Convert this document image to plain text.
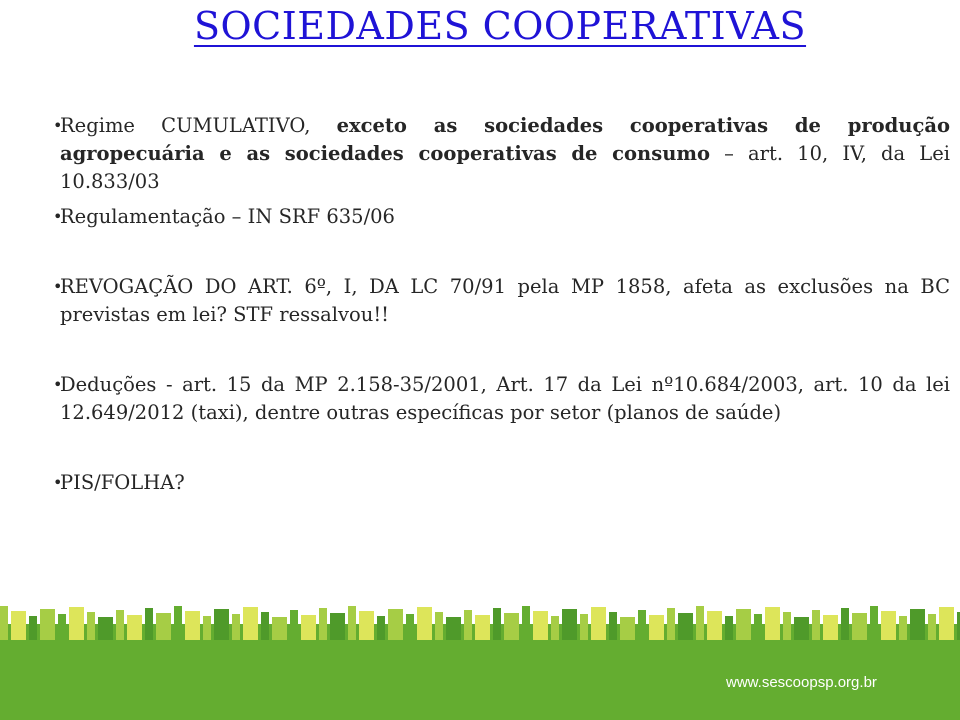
SOCIEDADES COOPERATIVAS
•
Regime CUMULATIVO, exceto as sociedades cooperativas de produção agropecuária e as sociedades cooperativas de consumo – art. 10, IV, da Lei 10.833/03
•
Regulamentação – IN SRF 635/06
•
REVOGAÇÃO DO ART. 6º, I, DA LC 70/91 pela MP 1858, afeta as exclusões na BC previstas em lei? STF ressalvou!!
•
Deduções - art. 15 da MP 2.158-35/2001, Art. 17 da Lei nº10.684/2003, art. 10 da lei 12.649/2012 (taxi), dentre outras específicas por setor (planos de saúde)
•
PIS/FOLHA?
www.sescoopsp.org.br
